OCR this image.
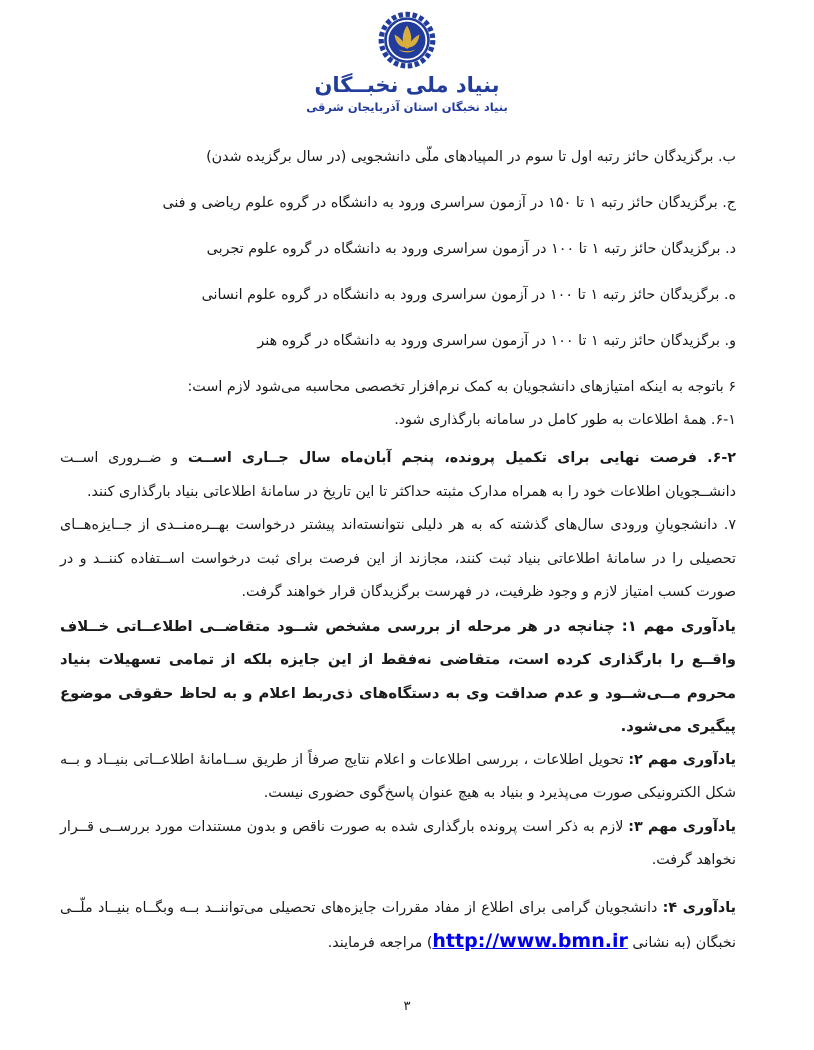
بنیاد ملی نخبــگان
بنیاد نخبگان استان آذربایجان شرقی

ب. برگزیدگان حائز رتبه اول تا سوم در المپیادهای ملّی دانشجویی (در سال برگزیده شدن)

ج. برگزیدگان حائز رتبه ۱ تا ۱۵۰ در آزمون سراسری ورود به دانشگاه در گروه علوم ریاضی و فنی

د. برگزیدگان حائز رتبه ۱ تا ۱۰۰ در آزمون سراسری ورود به دانشگاه در گروه علوم تجربی

ه. برگزیدگان حائز رتبه ۱ تا ۱۰۰ در آزمون سراسری ورود به دانشگاه در گروه علوم انسانی

و. برگزیدگان حائز رتبه ۱ تا ۱۰۰ در آزمون سراسری ورود به دانشگاه در گروه هنر

۶ باتوجه به اینکه امتیازهای دانشجویان به کمک نرم‌افزار تخصصی محاسبه می‌شود لازم است:

۶-۱. همهٔ اطلاعات به طور کامل در سامانه بارگذاری شود.

۶-۲. فرصت نهایی برای تکمیل پرونده، پنجم آبان‌ماه سال جــاری اســت و ضــروری اســت دانشــجویان اطلاعات خود را به همراه مدارک مثبته حداکثر تا این تاریخ در سامانهٔ اطلاعاتی بنیاد بارگذاری کنند.

۷. دانشجویانِ ورودی سال‌های گذشته که به هر دلیلی نتوانسته‌اند پیشتر درخواست بهــره‌منــدی از جــایزه‌هــای تحصیلی را در سامانهٔ اطلاعاتی بنیاد ثبت کنند، مجازند از این فرصت برای ثبت درخواست اســتفاده کننــد و در صورت کسب امتیاز لازم و وجود ظرفیت، در فهرست برگزیدگان قرار خواهند گرفت.

یادآوری مهم ۱: چنانچه در هر مرحله از بررسی مشخص شــود متقاضــی اطلاعــاتی خــلاف واقــع را بارگذاری کرده است، متقاضی نه‌فقط از این جایزه بلکه از تمامی تسهیلات بنیاد محروم مــی‌شــود و عدم صداقت وی به دستگاه‌های ذی‌ربط اعلام و به لحاظ حقوقی موضوع پیگیری می‌شود.

یادآوری مهم ۲: تحویل اطلاعات ، بررسی اطلاعات و اعلام نتایج صرفاً از طریق ســامانهٔ اطلاعــاتی بنیــاد و بــه شکل الکترونیکی صورت می‌پذیرد و بنیاد به هیچ عنوان پاسخ‌گوی حضوری نیست.

یادآوری مهم ۳: لازم به ذکر است پرونده بارگذاری شده به صورت ناقص و بدون مستندات مورد بررســی قــرار نخواهد گرفت.

یادآوری ۴: دانشجویان گرامی برای اطلاع از مفاد مقررات جایزه‌های تحصیلی می‌تواننــد بــه وبگــاه بنیــاد ملّــی نخبگان (به نشانی http://www.bmn.ir) مراجعه فرمایند.

۳
